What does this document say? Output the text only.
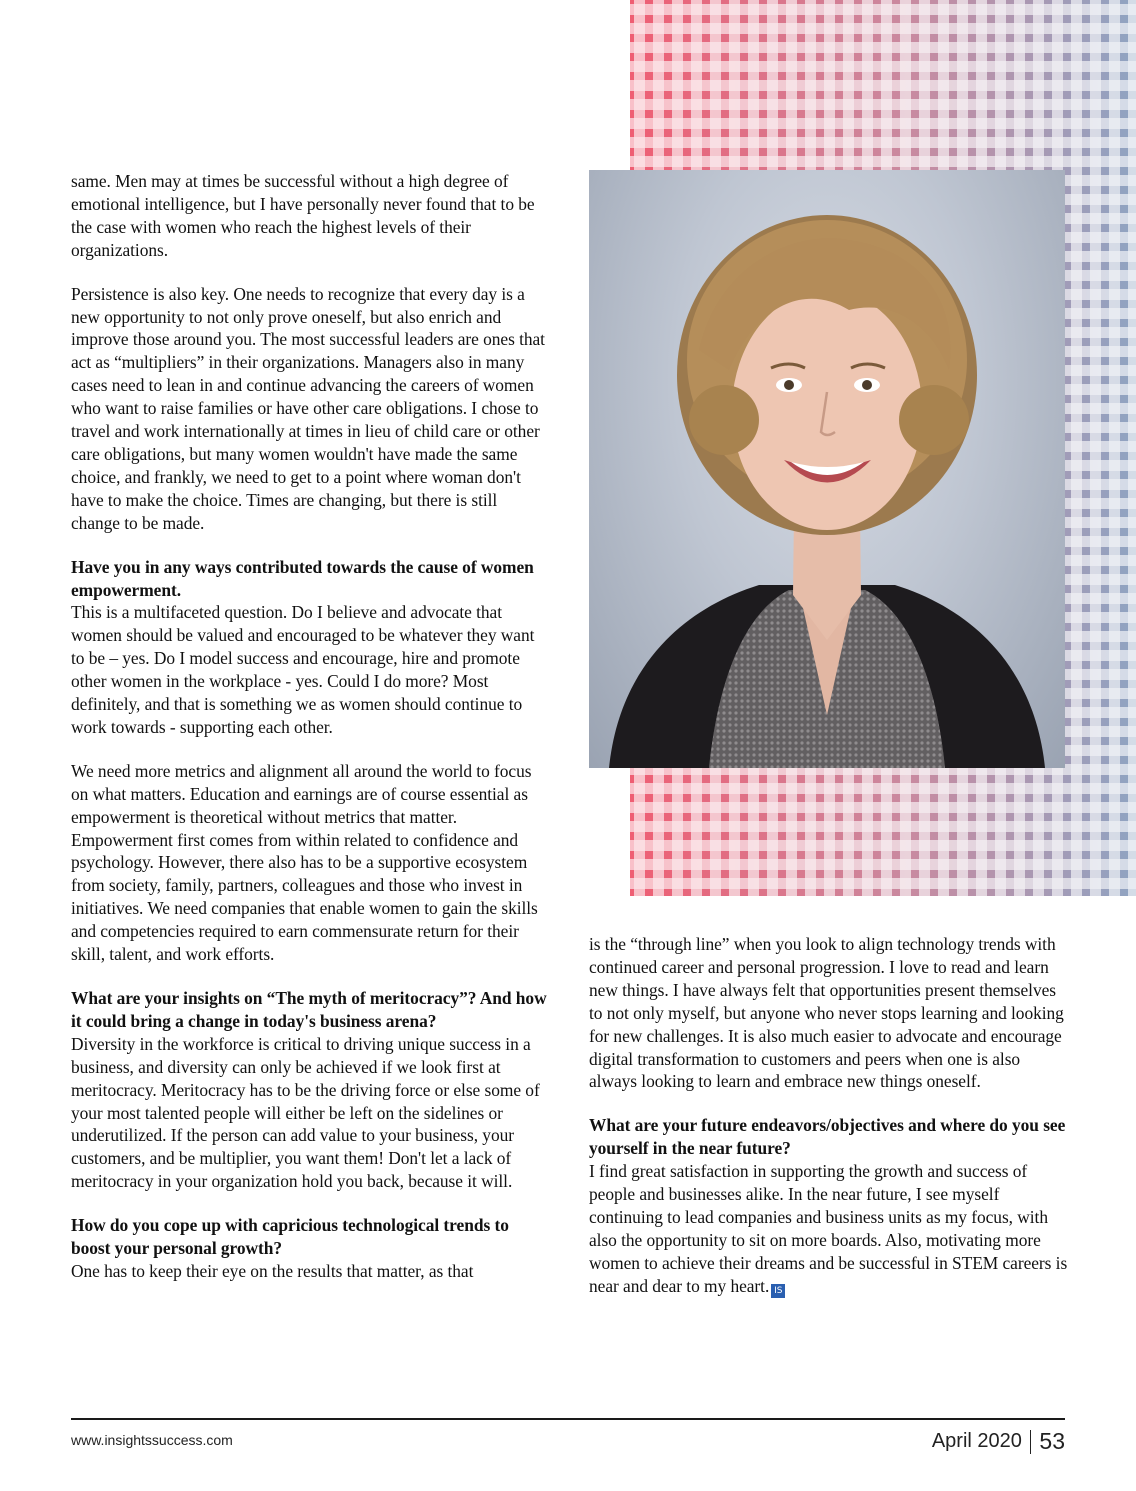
same. Men may at times be successful without a high degree of emotional intelligence, but I have personally never found that to be the case with women who reach the highest levels of their organizations.

Persistence is also key. One needs to recognize that every day is a new opportunity to not only prove oneself, but also enrich and improve those around you. The most successful leaders are ones that act as “multipliers” in their organizations. Managers also in many cases need to lean in and continue advancing the careers of women who want to raise families or have other care obligations. I chose to travel and work internationally at times in lieu of child care or other care obligations, but many women wouldn't have made the same choice, and frankly, we need to get to a point where woman don't have to make the choice. Times are changing, but there is still change to be made.

Have you in any ways contributed towards the cause of women empowerment.

This is a multifaceted question. Do I believe and advocate that women should be valued and encouraged to be whatever they want to be – yes. Do I model success and encourage, hire and promote other women in the workplace - yes. Could I do more? Most definitely, and that is something we as women should continue to work towards - supporting each other.

We need more metrics and alignment all around the world to focus on what matters. Education and earnings are of course essential as empowerment is theoretical without metrics that matter. Empowerment first comes from within related to confidence and psychology. However, there also has to be a supportive ecosystem from society, family, partners, colleagues and those who invest in initiatives. We need companies that enable women to gain the skills and competencies required to earn commensurate return for their skill, talent, and work efforts.

What are your insights on “The myth of meritocracy”? And how it could bring a change in today's business arena?

Diversity in the workforce is critical to driving unique success in a business, and diversity can only be achieved if we look first at meritocracy. Meritocracy has to be the driving force or else some of your most talented people will either be left on the sidelines or underutilized. If the person can add value to your business, your customers, and be multiplier, you want them! Don't let a lack of meritocracy in your organization hold you back, because it will.

How do you cope up with capricious technological trends to boost your personal growth?

One has to keep their eye on the results that matter, as that

is the “through line” when you look to align technology trends with continued career and personal progression. I love to read and learn new things. I have always felt that opportunities present themselves to not only myself, but anyone who never stops learning and looking for new challenges. It is also much easier to advocate and encourage digital transformation to customers and peers when one is also always looking to learn and embrace new things oneself.

What are your future endeavors/objectives and where do you see yourself in the near future?

I find great satisfaction in supporting the growth and success of people and businesses alike. In the near future, I see myself continuing to lead companies and business units as my focus, with also the opportunity to sit on more boards. Also, motivating more women to achieve their dreams and be successful in STEM careers is near and dear to my heart. IS

www.insightssuccess.com	April 2020 53
